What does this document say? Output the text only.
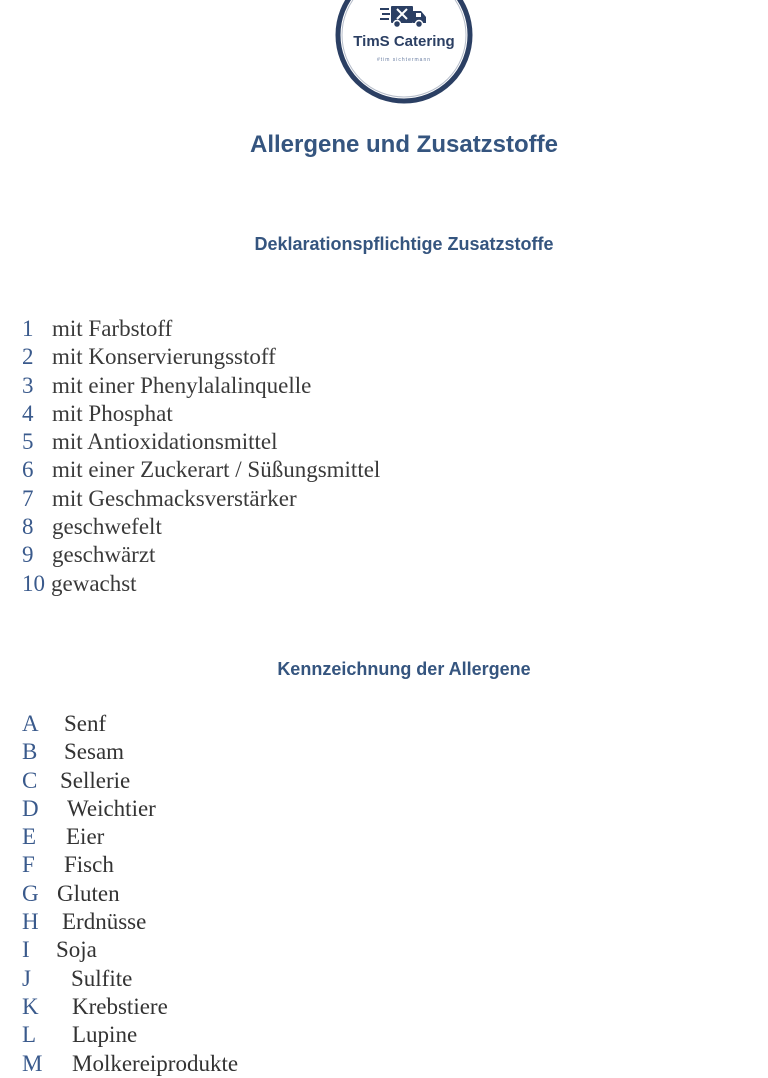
TimS Catering
#tim sichtermann
Allergene und Zusatzstoffe
Deklarationspflichtige Zusatzstoffe
1 mit Farbstoff
2 mit Konservierungsstoff
3 mit einer Phenylalalinquelle
4 mit Phosphat
5 mit Antioxidationsmittel
6 mit einer Zuckerart / Süßungsmittel
7 mit Geschmacksverstärker
8 geschwefelt
9 geschwärzt
10 gewachst
Kennzeichnung der Allergene
A	Senf
B	Sesam
C Sellerie
D	Weichtier
E	Eier
F	Fisch
G Gluten
H	Erdnüsse
I	Soja
J	Sulfite
K	Krebstiere
L	Lupine
M	Molkereiprodukte
